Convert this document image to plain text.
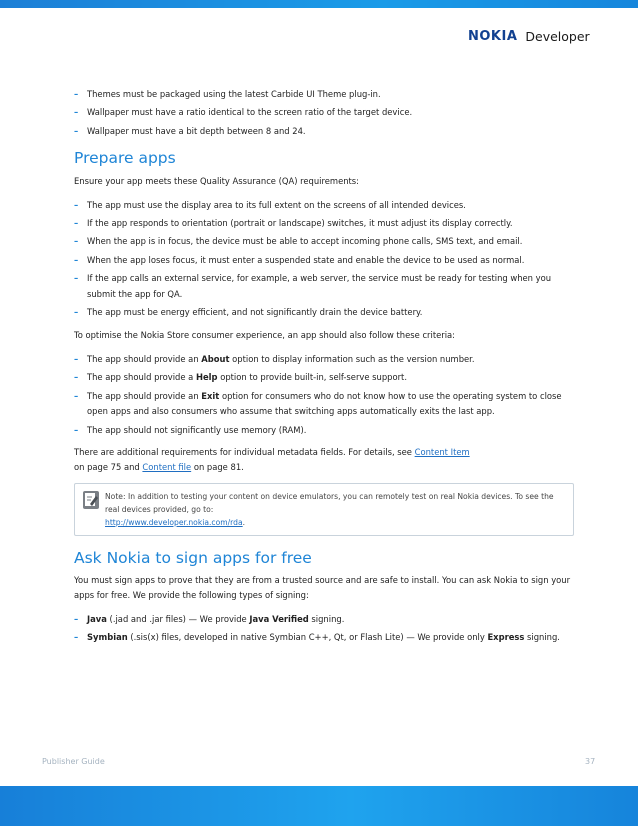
NOKIA Developer
– Themes must be packaged using the latest Carbide UI Theme plug-in.
– Wallpaper must have a ratio identical to the screen ratio of the target device.
– Wallpaper must have a bit depth between 8 and 24.
Prepare apps

Ensure your app meets these Quality Assurance (QA) requirements:

– The app must use the display area to its full extent on the screens of all intended devices.
– If the app responds to orientation (portrait or landscape) switches, it must adjust its display correctly.
– When the app is in focus, the device must be able to accept incoming phone calls, SMS text, and email.
– When the app loses focus, it must enter a suspended state and enable the device to be used as normal.
– If the app calls an external service, for example, a web server, the service must be ready for testing when you submit the app for QA.
– The app must be energy efficient, and not significantly drain the device battery.

To optimise the Nokia Store consumer experience, an app should also follow these criteria:

– The app should provide an About option to display information such as the version number.
– The app should provide a Help option to provide built-in, self-serve support.
– The app should provide an Exit option for consumers who do not know how to use the operating system to close open apps and also consumers who assume that switching apps automatically exits the last app.
– The app should not significantly use memory (RAM).

There are additional requirements for individual metadata fields. For details, see Content Item
on page 75 and Content file on page 81.

Note: In addition to testing your content on device emulators, you can remotely test on real Nokia devices. To see the real devices provided, go to:

http://www.developer.nokia.com/rda.

Ask Nokia to sign apps for free

You must sign apps to prove that they are from a trusted source and are safe to install. You can ask Nokia to sign your apps for free. We provide the following types of signing:

– Java (.jad and .jar files) — We provide Java Verified signing.
– Symbian (.sis(x) files, developed in native Symbian C++, Qt, or Flash Lite) — We provide only Express signing.
Publisher Guide	37
